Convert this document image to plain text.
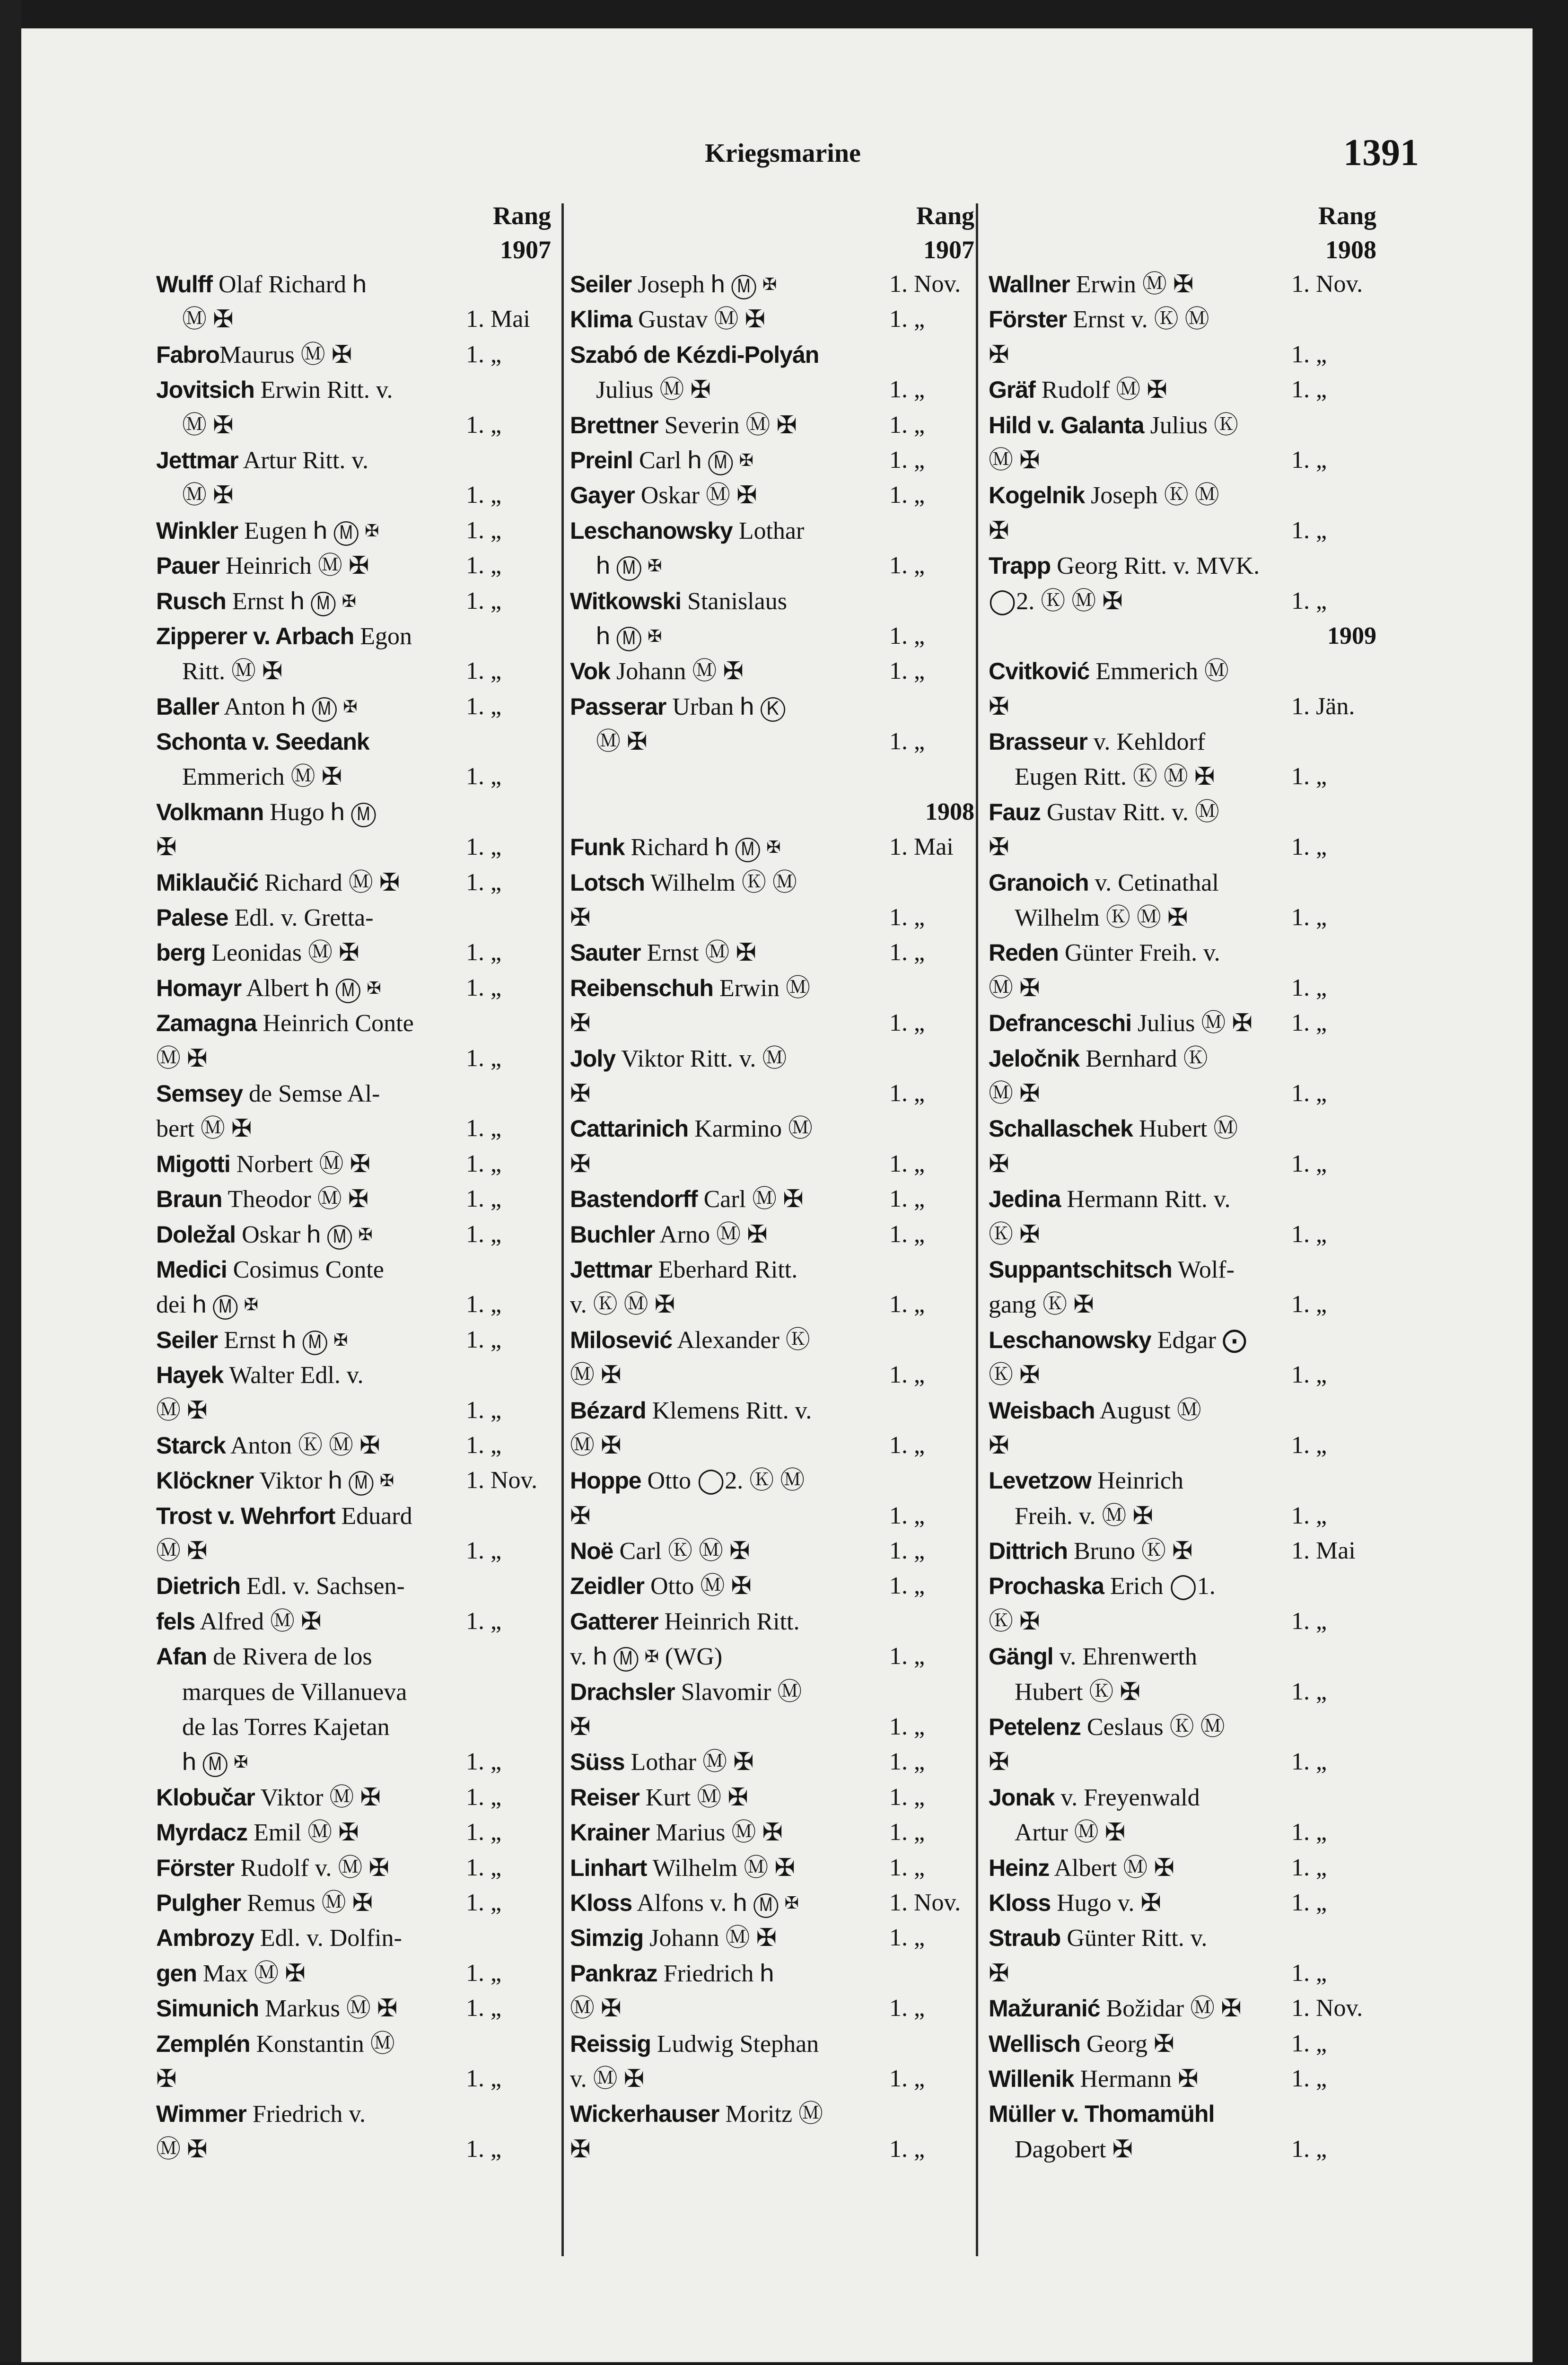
Kriegsmarine	1391
Rang
1907
Wulff Olaf Richard 𐌷
Ⓜ ✠	1. Mai
FabroMaurus Ⓜ ✠	1. „
Jovitsich Erwin Ritt. v.
Ⓜ ✠	1. „
Jettmar Artur Ritt. v.
Ⓜ ✠	1. „
Winkler Eugen 𐌷 Ⓜ ✠	1. „
Pauer Heinrich Ⓜ ✠	1. „
Rusch Ernst 𐌷 Ⓜ ✠	1. „
Zipperer v. Arbach Egon
Ritt. Ⓜ ✠	1. „
Baller Anton 𐌷 Ⓜ ✠	1. „
Schonta v. Seedank
Emmerich Ⓜ ✠	1. „
Volkmann Hugo 𐌷 Ⓜ
✠	1. „
Miklaučić Richard Ⓜ ✠	1. „
Palese Edl. v. Gretta-
berg Leonidas Ⓜ ✠	1. „
Homayr Albert 𐌷 Ⓜ ✠	1. „
Zamagna Heinrich Conte
Ⓜ ✠	1. „
Semsey de Semse Al-
bert Ⓜ ✠	1. „
Migotti Norbert Ⓜ ✠	1. „
Braun Theodor Ⓜ ✠	1. „
Doležal Oskar 𐌷 Ⓜ ✠	1. „
Medici Cosimus Conte
dei 𐌷 Ⓜ ✠	1. „
Seiler Ernst 𐌷 Ⓜ ✠	1. „
Hayek Walter Edl. v.
Ⓜ ✠	1. „
Starck Anton Ⓚ Ⓜ ✠	1. „
Klöckner Viktor 𐌷 Ⓜ ✠	1. Nov.
Trost v. Wehrfort Eduard
Ⓜ ✠	1. „
Dietrich Edl. v. Sachsen-
fels Alfred Ⓜ ✠	1. „
Afan de Rivera de los
marques de Villanueva
de las Torres Kajetan
𐌷 Ⓜ ✠	1. „
Klobučar Viktor Ⓜ ✠	1. „
Myrdacz Emil Ⓜ ✠	1. „
Förster Rudolf v. Ⓜ ✠	1. „
Pulgher Remus Ⓜ ✠	1. „
Ambrozy Edl. v. Dolfin-
gen Max Ⓜ ✠	1. „
Simunich Markus Ⓜ ✠	1. „
Zemplén Konstantin Ⓜ
✠	1. „
Wimmer Friedrich v.
Ⓜ ✠	1. „
Rang
1907
Seiler Joseph 𐌷 Ⓜ ✠	1. Nov.
Klima Gustav Ⓜ ✠	1. „
Szabó de Kézdi-Polyán
Julius Ⓜ ✠	1. „
Brettner Severin Ⓜ ✠	1. „
Preinl Carl 𐌷 Ⓜ ✠	1. „
Gayer Oskar Ⓜ ✠	1. „
Leschanowsky Lothar
𐌷 Ⓜ ✠	1. „
Witkowski Stanislaus
𐌷 Ⓜ ✠	1. „
Vok Johann Ⓜ ✠	1. „
Passerar Urban 𐌷 Ⓚ
Ⓜ ✠	1. „
1908
Funk Richard 𐌷 Ⓜ ✠	1. Mai
Lotsch Wilhelm Ⓚ Ⓜ
✠	1. „
Sauter Ernst Ⓜ ✠	1. „
Reibenschuh Erwin Ⓜ
✠	1. „
Joly Viktor Ritt. v. Ⓜ
✠	1. „
Cattarinich Karmino Ⓜ
✠	1. „
Bastendorff Carl Ⓜ ✠	1. „
Buchler Arno Ⓜ ✠	1. „
Jettmar Eberhard Ritt.
v. Ⓚ Ⓜ ✠	1. „
Milosević Alexander Ⓚ
Ⓜ ✠	1. „
Bézard Klemens Ritt. v.
Ⓜ ✠	1. „
Hoppe Otto ◯2. Ⓚ Ⓜ
✠	1. „
Noë Carl Ⓚ Ⓜ ✠	1. „
Zeidler Otto Ⓜ ✠	1. „
Gatterer Heinrich Ritt.
v. 𐌷 Ⓜ ✠ (WG)	1. „
Drachsler Slavomir Ⓜ
✠	1. „
Süss Lothar Ⓜ ✠	1. „
Reiser Kurt Ⓜ ✠	1. „
Krainer Marius Ⓜ ✠	1. „
Linhart Wilhelm Ⓜ ✠	1. „
Kloss Alfons v. 𐌷 Ⓜ ✠	1. Nov.
Simzig Johann Ⓜ ✠	1. „
Pankraz Friedrich 𐌷
Ⓜ ✠	1. „
Reissig Ludwig Stephan
v. Ⓜ ✠	1. „
Wickerhauser Moritz Ⓜ
✠	1. „
Rang
1908
Wallner Erwin Ⓜ ✠	1. Nov.
Förster Ernst v. Ⓚ Ⓜ
✠	1. „
Gräf Rudolf Ⓜ ✠	1. „
Hild v. Galanta Julius Ⓚ
Ⓜ ✠	1. „
Kogelnik Joseph Ⓚ Ⓜ
✠	1. „
Trapp Georg Ritt. v. MVK.
◯2. Ⓚ Ⓜ ✠	1. „
1909
Cvitković Emmerich Ⓜ
✠	1. Jän.
Brasseur v. Kehldorf
Eugen Ritt. Ⓚ Ⓜ ✠	1. „
Fauz Gustav Ritt. v. Ⓜ
✠	1. „
Granoich v. Cetinathal
Wilhelm Ⓚ Ⓜ ✠	1. „
Reden Günter Freih. v.
Ⓜ ✠	1. „
Defranceschi Julius Ⓜ ✠ 1. „
Jeločnik Bernhard Ⓚ
Ⓜ ✠	1. „
Schallaschek Hubert Ⓜ
✠	1. „
Jedina Hermann Ritt. v.
Ⓚ ✠	1. „
Suppantschitsch Wolf-
gang Ⓚ ✠	1. „
Leschanowsky Edgar ⨀
Ⓚ ✠	1. „
Weisbach August Ⓜ
✠	1. „
Levetzow Heinrich
Freih. v. Ⓜ ✠	1. „
Dittrich Bruno Ⓚ ✠	1. Mai
Prochaska Erich ◯1.
Ⓚ ✠	1. „
Gängl v. Ehrenwerth
Hubert Ⓚ ✠	1. „
Petelenz Ceslaus Ⓚ Ⓜ
✠	1. „
Jonak v. Freyenwald
Artur Ⓜ ✠	1. „
Heinz Albert Ⓜ ✠	1. „
Kloss Hugo v. ✠	1. „
Straub Günter Ritt. v.
✠	1. „
Mažuranić Božidar Ⓜ ✠ 1. Nov.
Wellisch Georg ✠	1. „
Willenik Hermann ✠	1. „
Müller v. Thomamühl
Dagobert ✠	1. „
